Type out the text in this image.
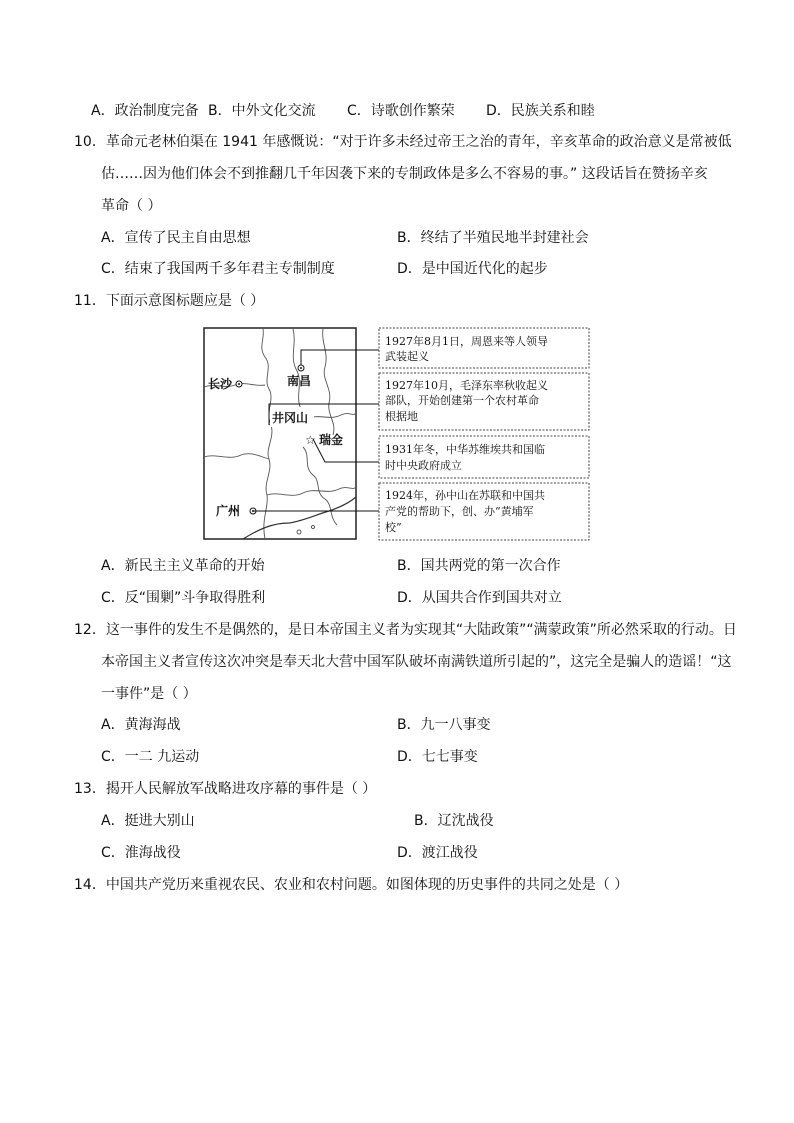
A．政治制度完备 B．中外文化交流 C．诗歌创作繁荣 D．民族关系和睦
10．革命元老林伯渠在 1941 年感慨说：“对于许多未经过帝王之治的青年，辛亥革命的政治意义是常被低
估……因为他们体会不到推翻几千年因袭下来的专制政体是多么不容易的事。” 这段话旨在赞扬辛亥
革命（ ）
A．宣传了民主自由思想	B．终结了半殖民地半封建社会
C．结束了我国两千多年君主专制制度	D．是中国近代化的起步
11．下面示意图标题应是（ ）
长沙	南昌
井冈山
☆ 瑞金
广州
1927年8月1日，周恩来等人领导
武装起义
1927年10月，毛泽东率秋收起义
部队，开始创建第一个农村革命
根据地
1931年冬，中华苏维埃共和国临
时中央政府成立
1924年，孙中山在苏联和中国共
产党的帮助下，创、办“黄埔军
校”
A．新民主主义革命的开始	B．国共两党的第一次合作
C．反“围剿”斗争取得胜利	D．从国共合作到国共对立
12．这一事件的发生不是偶然的，是日本帝国主义者为实现其“大陆政策”“满蒙政策”所必然采取的行动。日
本帝国主义者宣传这次冲突是奉天北大营中国军队破坏南满铁道所引起的”，这完全是骗人的造谣！“这
一事件”是（ ）
A．黄海海战	B．九一八事变
C．一二 九运动	D．七七事变
13．揭开人民解放军战略进攻序幕的事件是（ ）
A．挺进大别山	B．辽沈战役
C．淮海战役	D．渡江战役
14．中国共产党历来重视农民、农业和农村问题。如图体现的历史事件的共同之处是（ ）
